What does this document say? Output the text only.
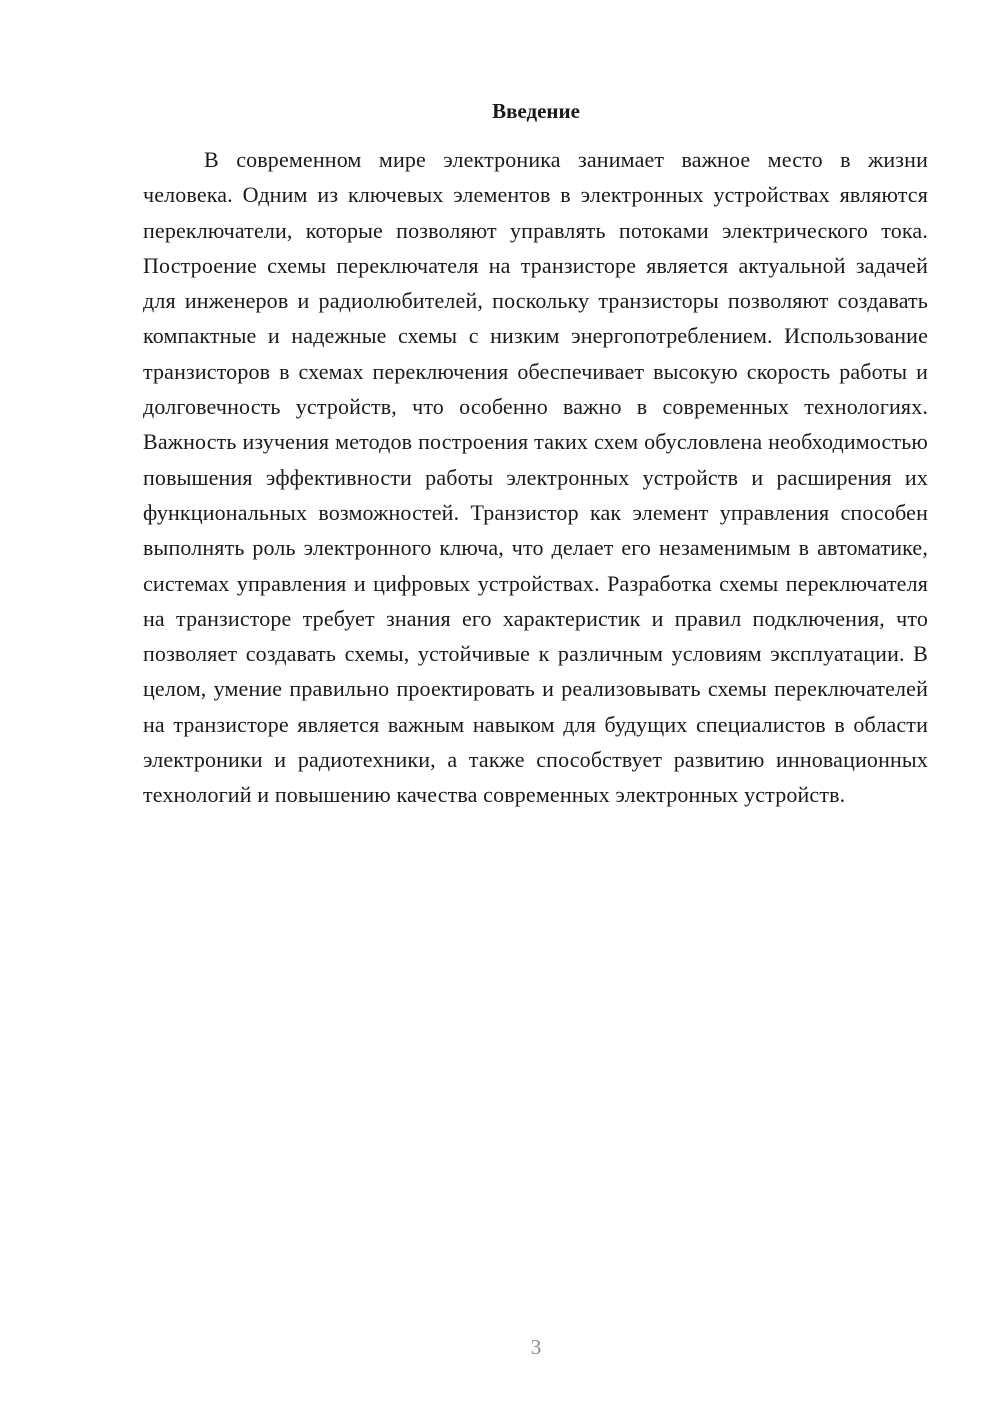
Введение

В современном мире электроника занимает важное место в жизни человека. Одним из ключевых элементов в электронных устройствах являются переключатели, которые позволяют управлять потоками электрического тока. Построение схемы переключателя на транзисторе является актуальной задачей для инженеров и радиолюбителей, поскольку транзисторы позволяют создавать компактные и надежные схемы с низким энергопотреблением. Использование транзисторов в схемах переключения обеспечивает высокую скорость работы и долговечность устройств, что особенно важно в современных технологиях. Важность изучения методов построения таких схем обусловлена необходимостью повышения эффективности работы электронных устройств и расширения их функциональных возможностей. Транзистор как элемент управления способен выполнять роль электронного ключа, что делает его незаменимым в автоматике, системах управления и цифровых устройствах. Разработка схемы переключателя на транзисторе требует знания его характеристик и правил подключения, что позволяет создавать схемы, устойчивые к различным условиям эксплуатации. В целом, умение правильно проектировать и реализовывать схемы переключателей на транзисторе является важным навыком для будущих специалистов в области электроники и радиотехники, а также способствует развитию инновационных технологий и повышению качества современных электронных устройств.

3
